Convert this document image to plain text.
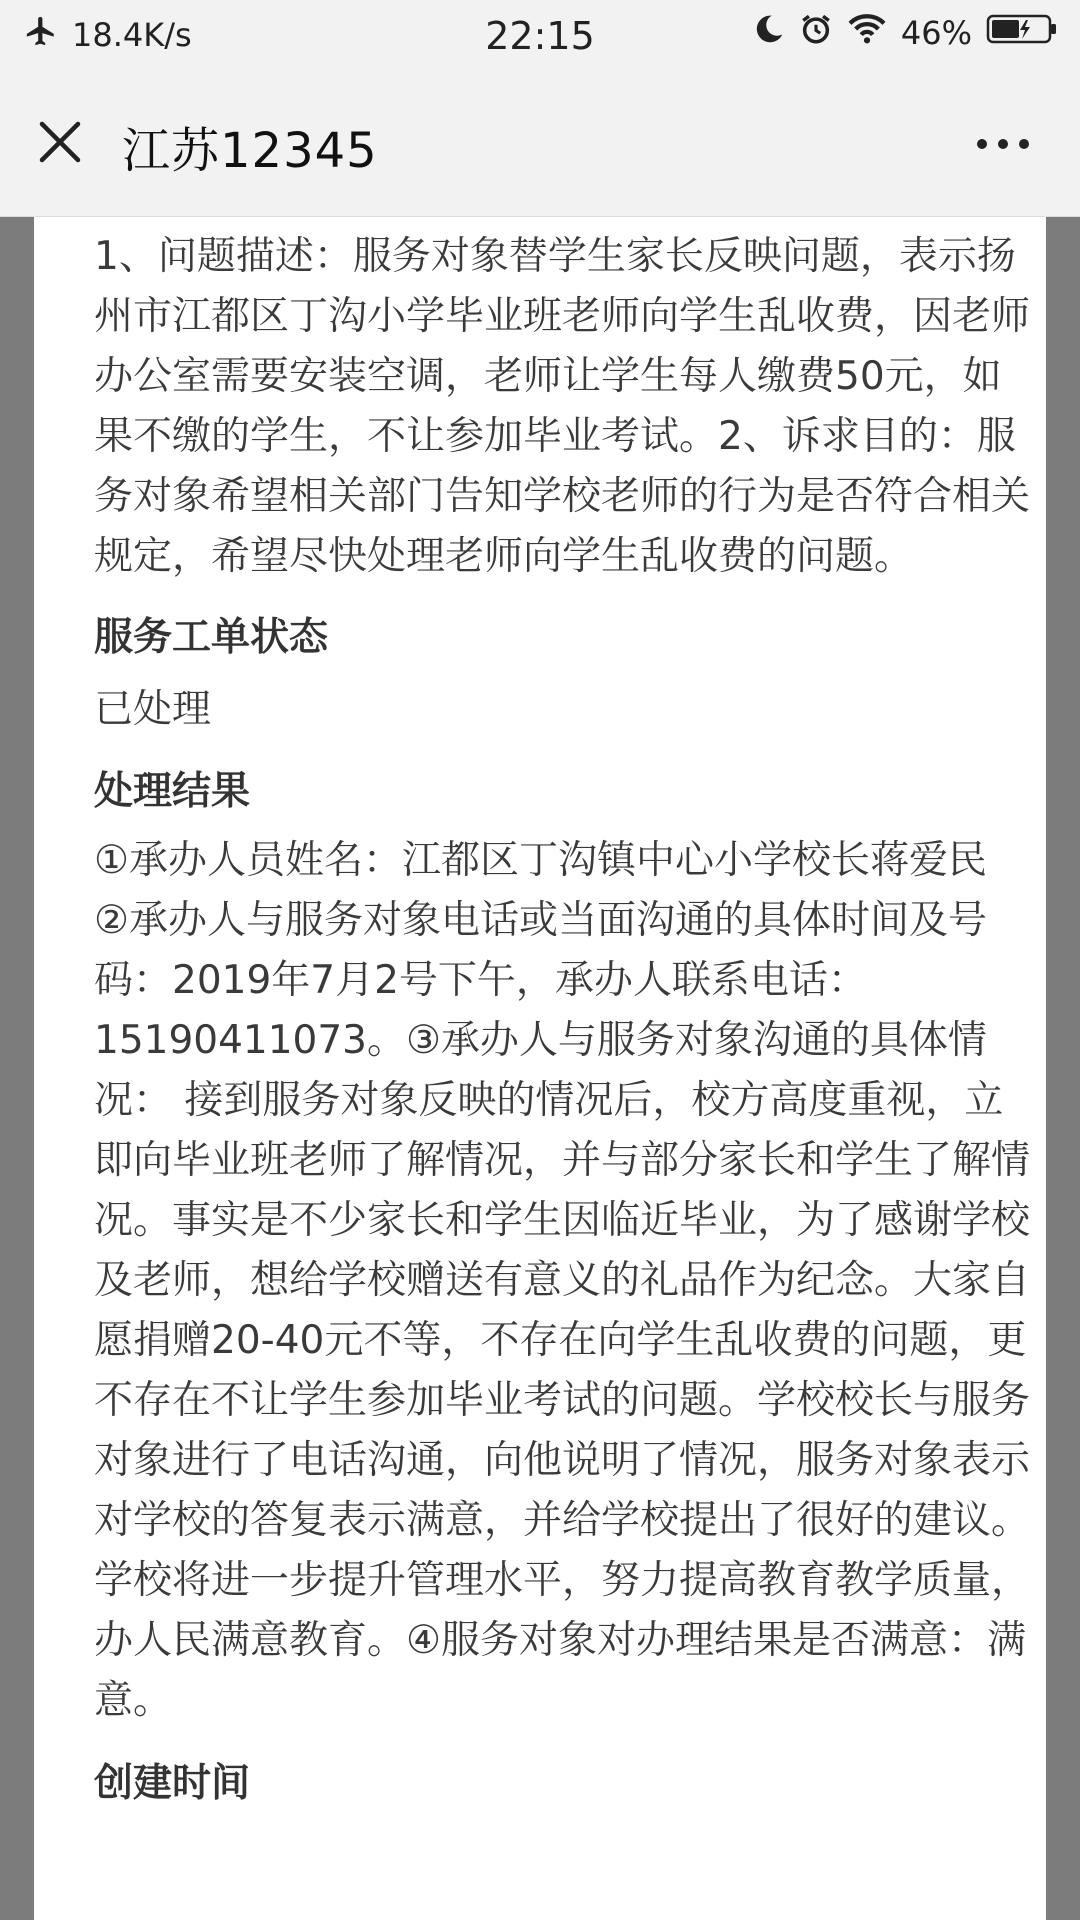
18.4K/s	22:15	46%
江苏12345

1、问题描述：服务对象替学生家长反映问题，表示扬州市江都区丁沟小学毕业班老师向学生乱收费，因老师办公室需要安装空调，老师让学生每人缴费50元，如果不缴的学生，不让参加毕业考试。2、诉求目的：服务对象希望相关部门告知学校老师的行为是否符合相关规定，希望尽快处理老师向学生乱收费的问题。

服务工单状态
已处理
处理结果

①承办人员姓名：江都区丁沟镇中心小学校长蒋爱民 ②承办人与服务对象电话或当面沟通的具体时间及号码：2019年7月2号下午，承办人联系电话：15190411073。③承办人与服务对象沟通的具体情况： 接到服务对象反映的情况后，校方高度重视，立即向毕业班老师了解情况，并与部分家长和学生了解情况。事实是不少家长和学生因临近毕业，为了感谢学校及老师，想给学校赠送有意义的礼品作为纪念。大家自愿捐赠20-40元不等，不存在向学生乱收费的问题，更不存在不让学生参加毕业考试的问题。学校校长与服务对象进行了电话沟通，向他说明了情况，服务对象表示对学校的答复表示满意，并给学校提出了很好的建议。学校将进一步提升管理水平，努力提高教育教学质量，办人民满意教育。④服务对象对办理结果是否满意：满意。

创建时间
